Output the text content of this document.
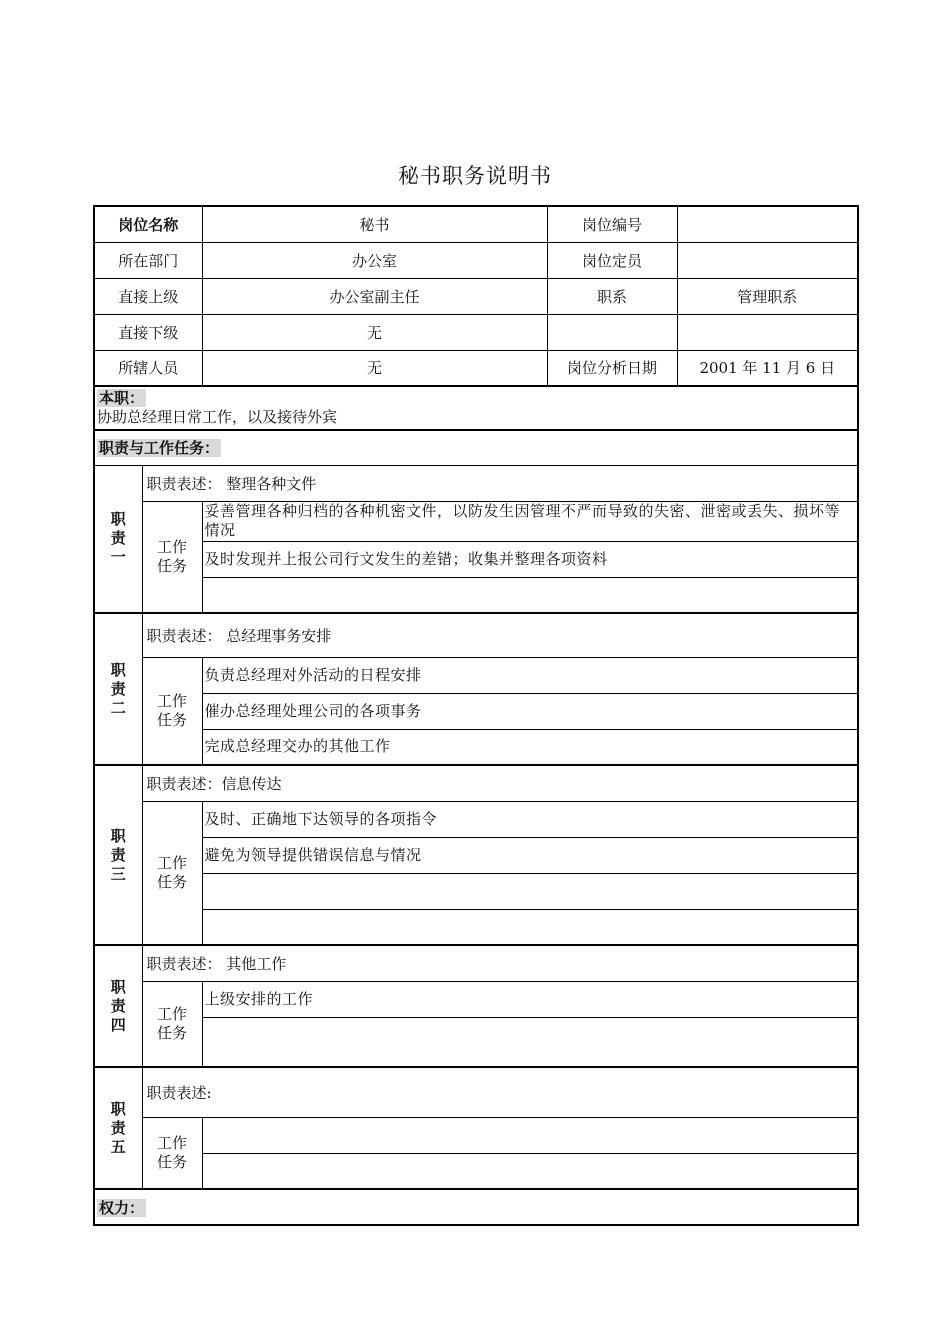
秘书职务说明书
岗位名称		秘书	岗位编号	
所在部门		办公室	岗位定员	
直接上级		办公室副主任	职系	管理职系
直接下级		无		
所辖人员		无	岗位分析日期	2001 年 11 月 6 日

本职：
协助总经理日常工作，以及接待外宾				

职责与工作任务：				

职
责
一	职责表述： 整理各种文件			
	工作
任务	妥善管理各种归档的各种机密文件，以防发生因管理不严而导致的失密、泄密或丢失、损坏等情况		
		及时发现并上报公司行文发生的差错；收集并整理各项资料		

职
责
二	职责表述： 总经理事务安排			
	工作
任务	负责总经理对外活动的日程安排		
		催办总经理处理公司的各项事务		
		完成总经理交办的其他工作		
职
责
三	职责表述：信息传达			
	工作
任务	及时、正确地下达领导的各项指令		
		避免为领导提供错误信息与情况		

职
责
四	职责表述： 其他工作			
	工作
任务	上级安排的工作		

职
责
五	职责表述:			
	工作
任务			

权力：				
